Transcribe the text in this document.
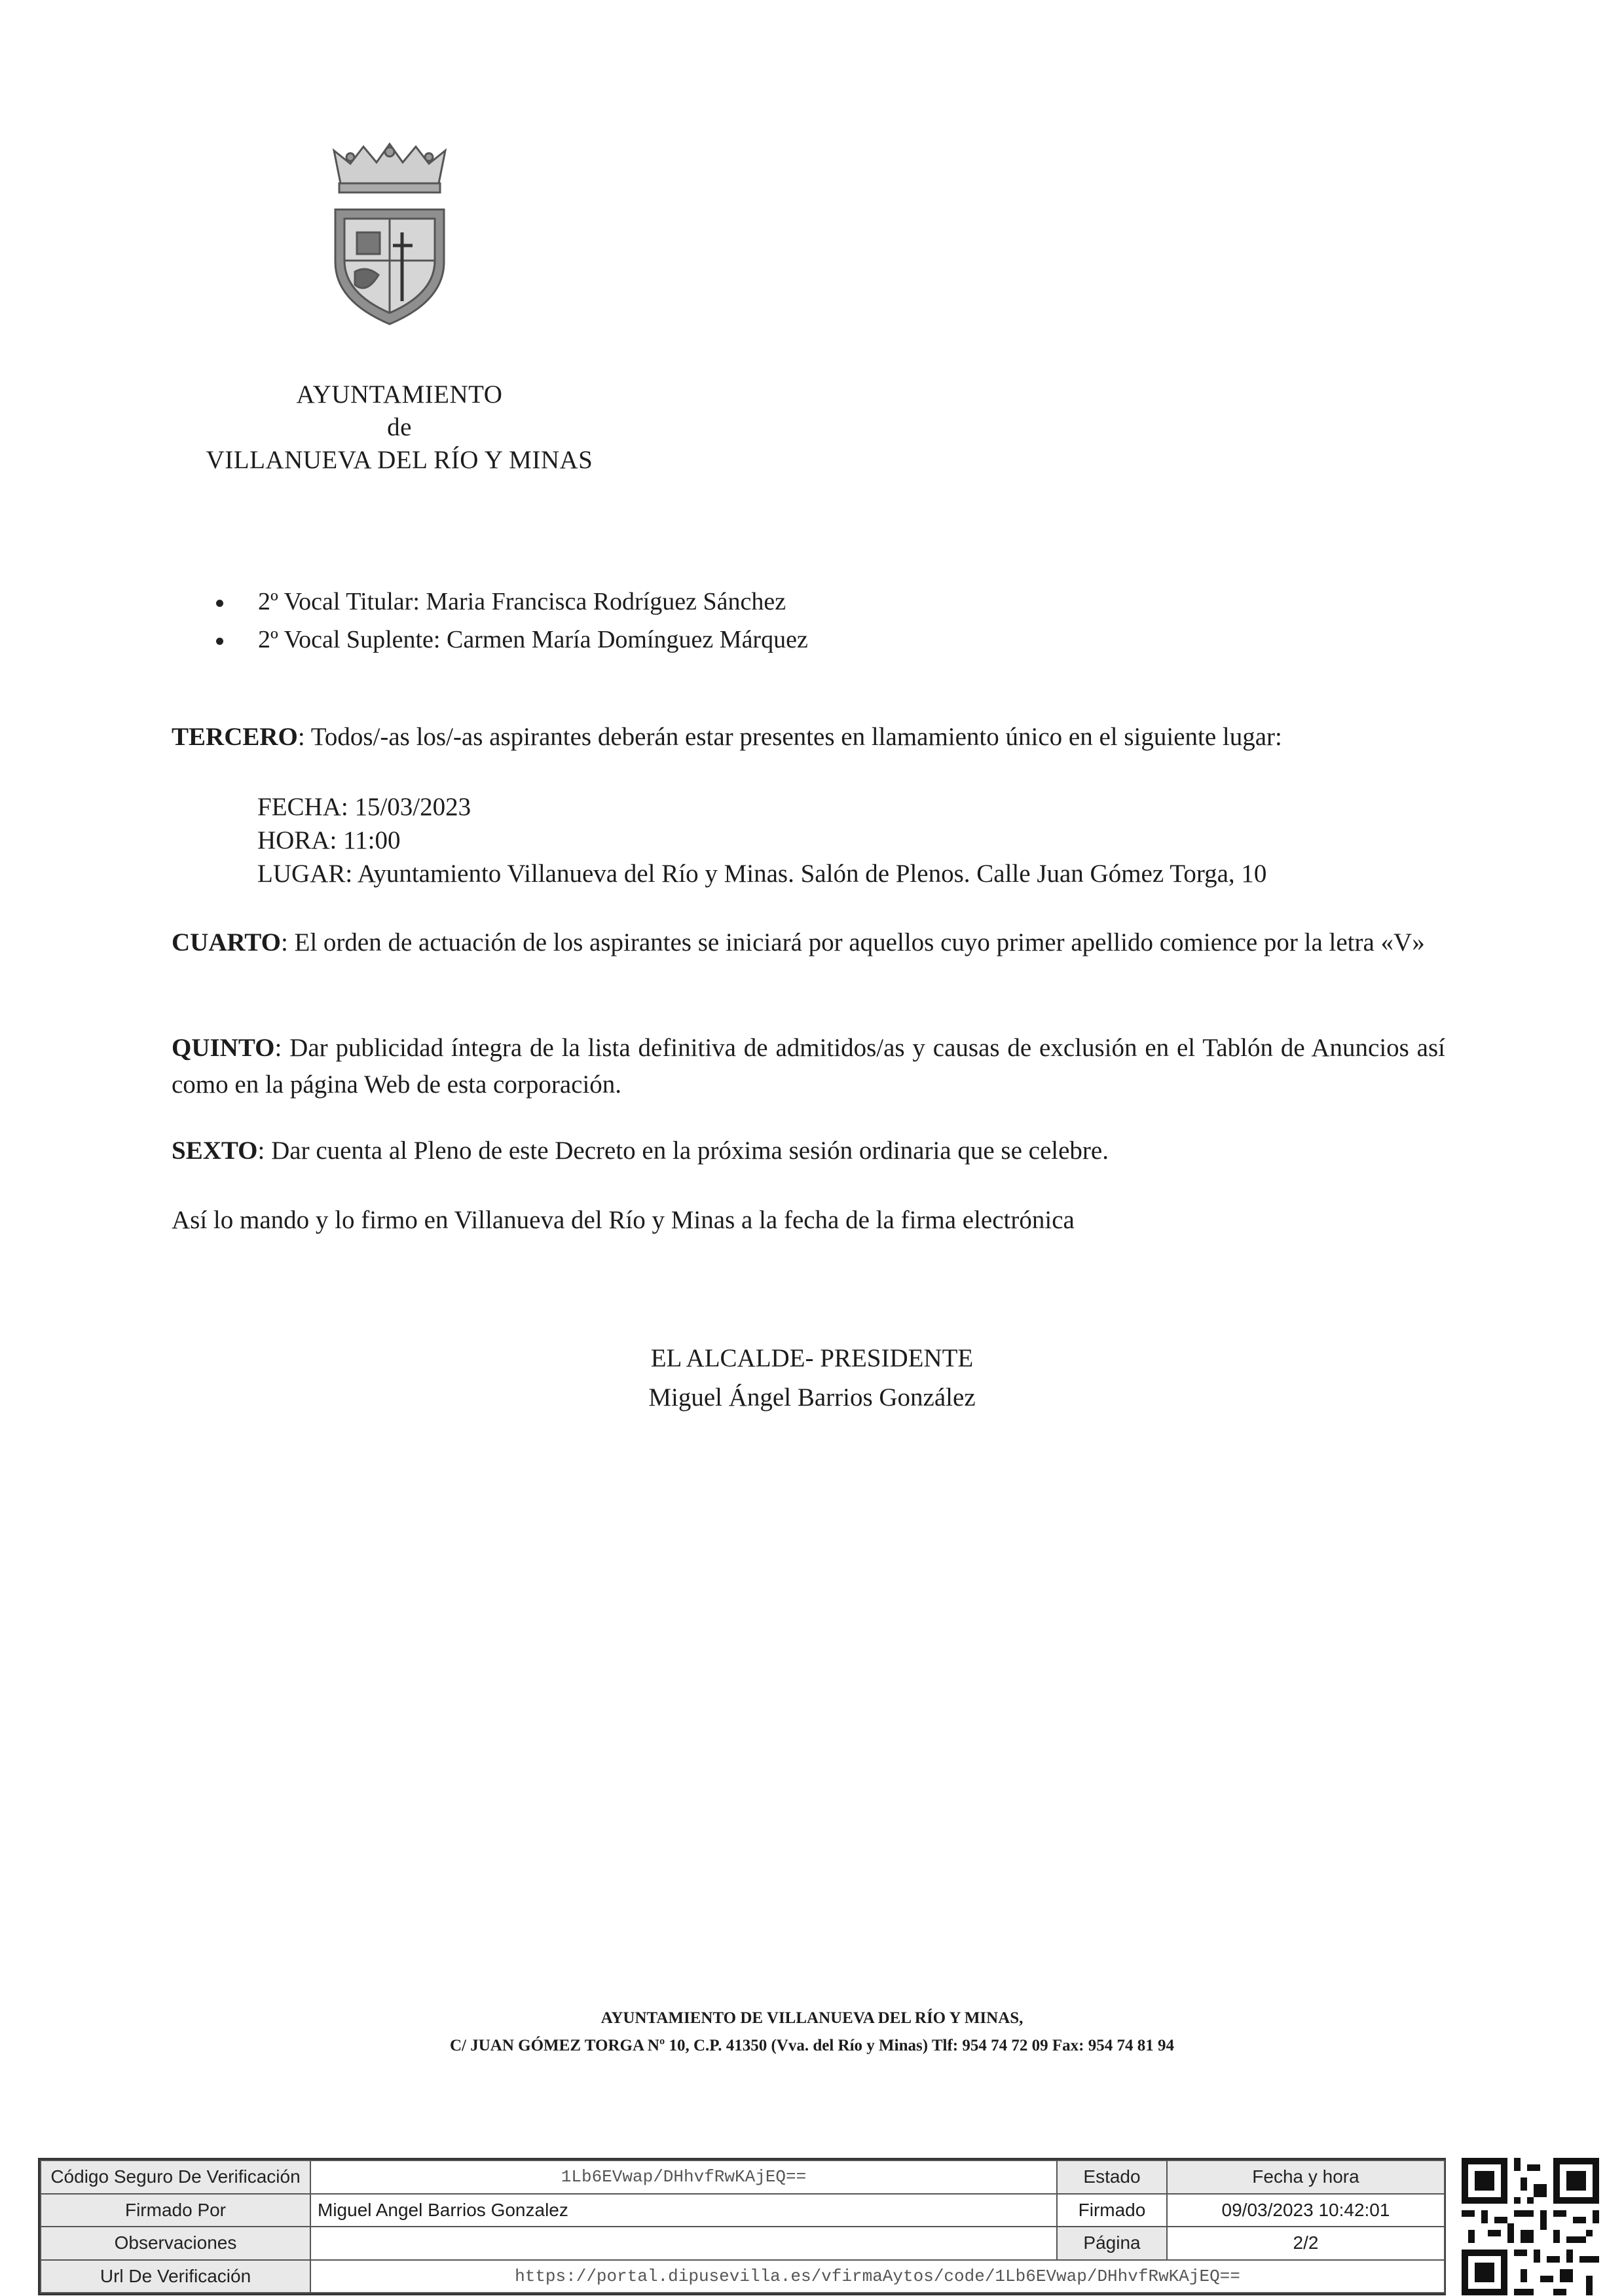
AYUNTAMIENTO
de
VILLANUEVA DEL RÍO Y MINAS
2º Vocal Titular: Maria Francisca Rodríguez Sánchez
2º Vocal Suplente: Carmen María Domínguez Márquez
TERCERO: Todos/-as los/-as aspirantes deberán estar presentes en llamamiento único en el siguiente lugar:
FECHA: 15/03/2023
HORA: 11:00
LUGAR: Ayuntamiento Villanueva del Río y Minas. Salón de Plenos. Calle Juan Gómez Torga, 10
CUARTO: El orden de actuación de los aspirantes se iniciará por aquellos cuyo primer apellido comience por la letra «V»
QUINTO: Dar publicidad íntegra de la lista definitiva de admitidos/as y causas de exclusión en el Tablón de Anuncios así como en la página Web de esta corporación.
SEXTO: Dar cuenta al Pleno de este Decreto en la próxima sesión ordinaria que se celebre.
Así lo mando y lo firmo en Villanueva del Río y Minas a la fecha de la firma electrónica
EL ALCALDE- PRESIDENTE
Miguel Ángel Barrios González
AYUNTAMIENTO DE VILLANUEVA DEL RÍO Y MINAS,
C/ JUAN GÓMEZ TORGA Nº 10, C.P. 41350 (Vva. del Río y Minas) Tlf: 954 74 72 09 Fax: 954 74 81 94
Código Seguro De Verificación	1Lb6EVwap/DHhvfRwKAjEQ==	Estado	Fecha y hora
Firmado Por	Miguel Angel Barrios Gonzalez	Firmado	09/03/2023 10:42:01
Observaciones		Página	2/2
Url De Verificación	https://portal.dipusevilla.es/vfirmaAytos/code/1Lb6EVwap/DHhvfRwKAjEQ==		
